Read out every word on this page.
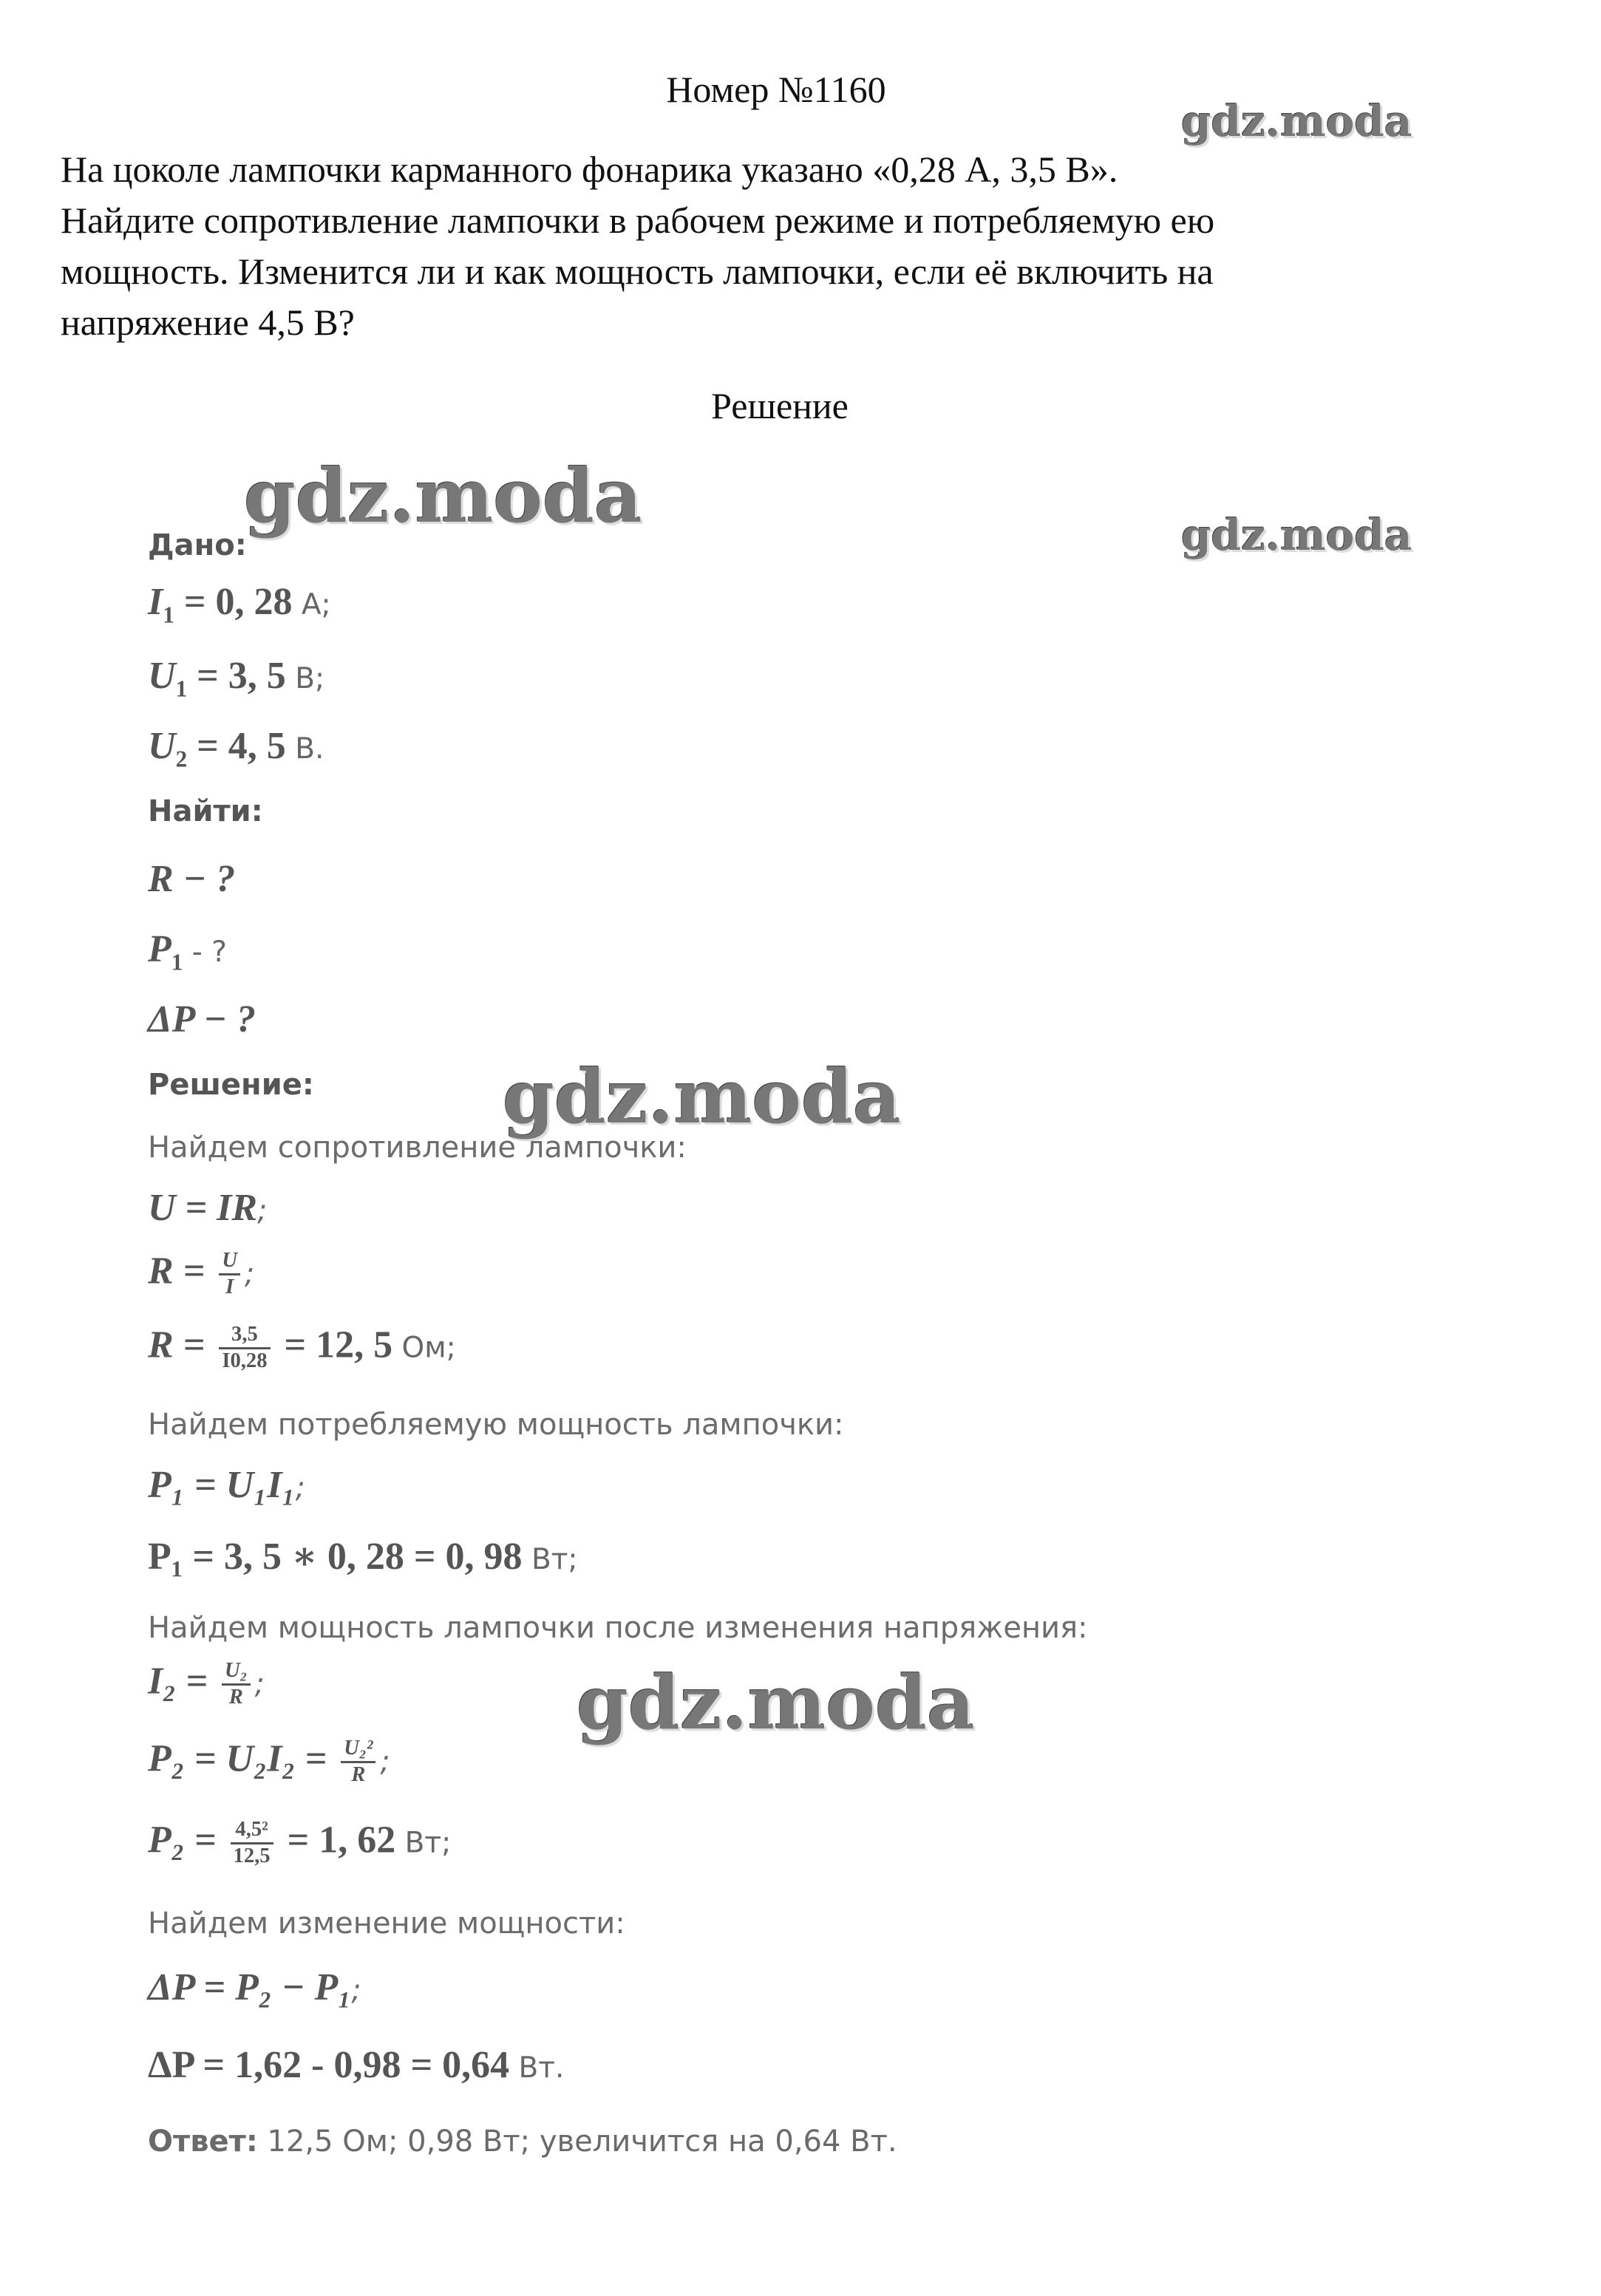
Номер №1160
На цоколе лампочки карманного фонарика указано «0,28 А, 3,5 В».
Найдите сопротивление лампочки в рабочем режиме и потребляемую ею
мощность. Изменится ли и как мощность лампочки, если её включить на
напряжение 4,5 В?
Решение
gdz.moda
gdz.moda	gdz.moda
gdz.moda
gdz.moda
Дано:
$I_1 = 0$, 28 А;
$U_1 = 3$, 5 В;
$U_2 = 4$, 5 В.
Найти:
R − ?
$P_1$ - ?
ΔP − ?
Решение:
Найдем сопротивление лампочки:
U = IR;
$R = \frac{U}{I}$ ;
$R = \frac{3,5}{I0,28} = 12$, 5 Ом;
Найдем потребляемую мощность лампочки:
P₁ = U₁I₁;
P₁ = 3, 5 ∗ 0, 28 = 0, 98 Вт;
Найдем мощность лампочки после изменения напряжения:
$I_2 = \frac{\text{U₂}}{R}$ ;
$P_2 = U_2I_2 = \frac{\text{U₂²}}{R}$ ;
$P_2 = \frac{\text{4,5²}}{12,5} = 1$, 62 Вт;
Найдем изменение мощности:
ΔP = P₂ − P₁;
ΔP = 1,62 - 0,98 = 0,64 Вт.
Ответ: 12,5 Ом; 0,98 Вт; увеличится на 0,64 Вт.
